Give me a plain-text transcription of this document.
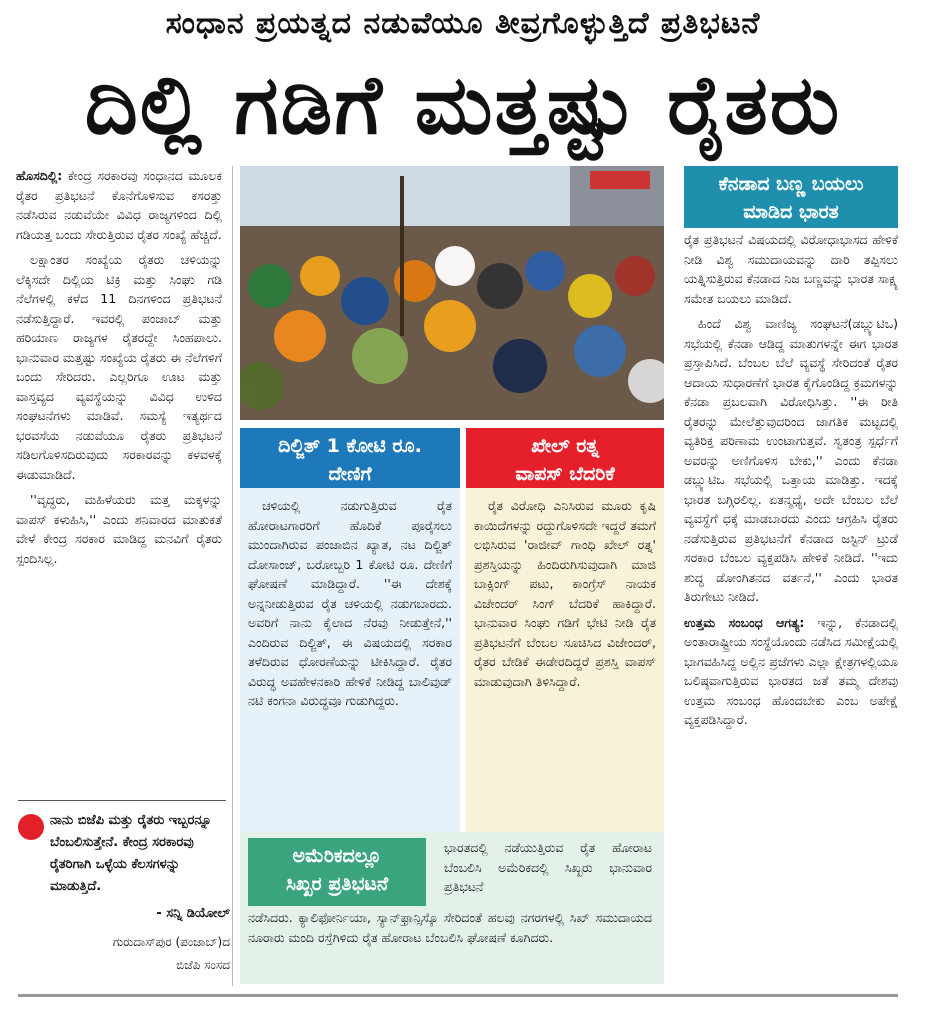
ಸಂಧಾನ ಪ್ರಯತ್ನದ ನಡುವೆಯೂ ತೀವ್ರಗೊಳ್ಳುತ್ತಿದೆ ಪ್ರತಿಭಟನೆ
ದಿಲ್ಲಿ ಗಡಿಗೆ ಮತ್ತಷ್ಟು ರೈತರು

ಹೊಸದಿಲ್ಲಿ: ಕೇಂದ್ರ ಸರಕಾರವು ಸಂಧಾನದ ಮೂಲಕ ರೈತರ ಪ್ರತಿಭಟನೆ ಕೊನೆಗೊಳಿಸುವ ಕಸರತ್ತು ನಡೆಸಿರುವ ನಡುವೆಯೇ ವಿವಿಧ ರಾಜ್ಯಗಳಿಂದ ದಿಲ್ಲಿ ಗಡಿಯತ್ತ ಬಂದು ಸೇರುತ್ತಿರುವ ರೈತರ ಸಂಖ್ಯೆ ಹೆಚ್ಚಿದೆ.

ಲಕ್ಷಾಂತರ ಸಂಖ್ಯೆಯ ರೈತರು ಚಳಿಯನ್ನು ಲೆಕ್ಕಿಸದೇ ದಿಲ್ಲಿಯ ಟಿಕ್ರಿ ಮತ್ತು ಸಿಂಘು ಗಡಿ ನೆಲೆಗಳಲ್ಲಿ ಕಳೆದ 11 ದಿನಗಳಿಂದ ಪ್ರತಿಭಟನೆ ನಡೆಸುತ್ತಿದ್ದಾರೆ. ಇವರಲ್ಲಿ ಪಂಜಾಬ್ ಮತ್ತು ಹರಿಯಾಣ ರಾಜ್ಯಗಳ ರೈತರದ್ದೇ ಸಿಂಹಪಾಲು. ಭಾನುವಾರ ಮತ್ತಷ್ಟು ಸಂಖ್ಯೆಯ ರೈತರು ಈ ನೆಲೆಗಳಿಗೆ ಬಂದು ಸೇರಿದರು. ಎಲ್ಲರಿಗೂ ಊಟ ಮತ್ತು ವಾಸ್ತವ್ಯದ ವ್ಯವಸ್ಥೆಯನ್ನು ವಿವಿಧ ಉಳಿದ ಸಂಘಟನೆಗಳು ಮಾಡಿವೆ. ಸಮಸ್ಯೆ ಇತ್ಯರ್ಥದ ಭರವಸೆಯ ನಡುವೆಯೂ ರೈತರು ಪ್ರತಿಭಟನೆ ಸಡಿಲಗೊಳಿಸದಿರುವುದು ಸರಕಾರವನ್ನು ಕಳವಳಕ್ಕೆ ಈಡುಮಾಡಿದೆ.

''ವೃದ್ಧರು, ಮಹಿಳೆಯರು ಮತ್ತ ಮಕ್ಕಳನ್ನು ವಾಪಸ್ ಕಳುಹಿಸಿ,'' ಎಂದು ಶನಿವಾರದ ಮಾತುಕತೆ ವೇಳೆ ಕೇಂದ್ರ ಸರಕಾರ ಮಾಡಿದ್ದ ಮನವಿಗೆ ರೈತರು ಸ್ಪಂದಿಸಿಲ್ಲ.

ನಾನು ಬಿಜೆಪಿ ಮತ್ತು ರೈತರು ಇಬ್ಬರನ್ನೂ ಬೆಂಬಲಿಸುತ್ತೇನೆ. ಕೇಂದ್ರ ಸರಕಾರವು ರೈತರಿಗಾಗಿ ಒಳ್ಳೆಯ ಕೆಲಸಗಳನ್ನು ಮಾಡುತ್ತಿದೆ.
- ಸನ್ನಿ ಡಿಯೋಲ್
ಗುರುದಾಸ್‌ಪುರ (ಪಂಜಾಬ್)ದ
ಬಿಜೆಪಿ ಸಂಸದ
ದಿಲ್ಜಿತ್ 1 ಕೋಟಿ ರೂ.
ದೇಣಿಗೆ

ಚಳಿಯಲ್ಲಿ ನಡುಗುತ್ತಿರುವ ರೈತ ಹೋರಾಟಗಾರರಿಗೆ ಹೊದಿಕೆ ಪೂರೈಸಲು ಮುಂದಾಗಿರುವ ಪಂಜಾಬಿನ ಖ್ಯಾತ, ನಟ ದಿಲ್ಜಿತ್ ದೋಸಾಂಜ್, ಬರೋಬ್ಬರಿ 1 ಕೋಟಿ ರೂ. ದೇಣಿಗೆ ಘೋಷಣೆ ಮಾಡಿದ್ದಾರೆ. ''ಈ ದೇಶಕ್ಕೆ ಅನ್ನನೀಡುತ್ತಿರುವ ರೈತ ಚಳಿಯಲ್ಲಿ ನಡುಗಬಾರದು. ಅವರಿಗೆ ನಾನು ಕೈಲಾದ ನೆರವು ನೀಡುತ್ತೇನೆ,'' ಎಂದಿರುವ ದಿಲ್ಜಿತ್, ಈ ವಿಷಯದಲ್ಲಿ ಸರಕಾರ ತಳೆದಿರುವ ಧೋರಣೆಯನ್ನು ಟೀಕಿಸಿದ್ದಾರೆ. ರೈತರ ವಿರುದ್ಧ ಅವಹೇಳನಕಾರಿ ಹೇಳಿಕೆ ನೀಡಿದ್ದ ಬಾಲಿವುಡ್ ನಟಿ ಕಂಗನಾ ವಿರುದ್ಧವೂ ಗುಡುಗಿದ್ದರು.

ಖೇಲ್ ರತ್ನ
ವಾಪಸ್ ಬೆದರಿಕೆ

ರೈತ ವಿರೋಧಿ ಎನಿಸಿರುವ ಮೂರು ಕೃಷಿ ಕಾಯಿದೆಗಳನ್ನು ರದ್ದುಗೊಳಿಸದೇ ಇದ್ದರೆ ತಮಗೆ ಲಭಿಸಿರುವ 'ರಾಜೀವ್ ಗಾಂಧಿ ಖೇಲ್ ರತ್ನ' ಪ್ರಶಸ್ತಿಯನ್ನು ಹಿಂದಿರುಗಿಸುವುದಾಗಿ ಮಾಜಿ ಬಾಕ್ಸಿಂಗ್ ಪಟು, ಕಾಂಗ್ರೆಸ್ ನಾಯಕ ವಿಜೇಂದರ್ ಸಿಂಗ್ ಬೆದರಿಕೆ ಹಾಕಿದ್ದಾರೆ. ಭಾನುವಾರ ಸಿಂಘು ಗಡಿಗೆ ಭೇಟಿ ನೀಡಿ ರೈತ ಪ್ರತಿಭಟನೆಗೆ ಬೆಂಬಲ ಸೂಚಿಸಿದ ವಿಜೇಂದರ್, ರೈತರ ಬೇಡಿಕೆ ಈಡೇರದಿದ್ದರೆ ಪ್ರಶಸ್ತಿ ವಾಪಸ್ ಮಾಡುವುದಾಗಿ ತಿಳಿಸಿದ್ದಾರೆ.

ಅಮೆರಿಕದಲ್ಲೂ
ಸಿಖ್ಖರ ಪ್ರತಿಭಟನೆ
ಭಾರತದಲ್ಲಿ ನಡೆಯುತ್ತಿರುವ ರೈತ ಹೋರಾಟ ಬೆಂಬಲಿಸಿ ಅಮೆರಿಕದಲ್ಲಿ ಸಿಖ್ಖರು ಭಾನುವಾರ ಪ್ರತಿಭಟನೆ
ನಡೆಸಿದರು. ಕ್ಯಾಲಿಫೋರ್ನಿಯಾ, ಸ್ಯಾನ್‌ಫ್ರಾನ್ಸಿಸ್ಕೊ ಸೇರಿದಂತೆ ಹಲವು ನಗರಗಳಲ್ಲಿ ಸಿಖ್ ಸಮುದಾಯದ ನೂರಾರು ಮಂದಿ ರಸ್ತೆಗಿಳಿದು ರೈತ ಹೋರಾಟ ಬೆಂಬಲಿಸಿ ಘೋಷಣೆ ಕೂಗಿದರು.
ಕೆನಡಾದ ಬಣ್ಣ ಬಯಲು
ಮಾಡಿದ ಭಾರತ

ರೈತ ಪ್ರತಿಭಟನೆ ವಿಷಯದಲ್ಲಿ ವಿರೋಧಾಭಾಸದ ಹೇಳಿಕೆ ನೀಡಿ ವಿಶ್ವ ಸಮುದಾಯವನ್ನು ದಾರಿ ತಪ್ಪಿಸಲು ಯತ್ನಿಸುತ್ತಿರುವ ಕೆನಡಾದ ನಿಜ ಬಣ್ಣವನ್ನು ಭಾರತ ಸಾಕ್ಷ್ಯ ಸಮೇತ ಬಯಲು ಮಾಡಿದೆ.

ಹಿಂದೆ ವಿಶ್ವ ವಾಣಿಜ್ಯ ಸಂಘಟನೆ(ಡಬ್ಲ್ಯುಟಿಒ) ಸಭೆಯಲ್ಲಿ ಕೆನಡಾ ಆಡಿದ್ದ ಮಾತುಗಳನ್ನೇ ಈಗ ಭಾರತ ಪ್ರಸ್ತಾಪಿಸಿದೆ. ಬೆಂಬಲ ಬೆಲೆ ವ್ಯವಸ್ಥೆ ಸೇರಿದಂತೆ ರೈತರ ಆದಾಯ ಸುಧಾರಣೆಗೆ ಭಾರತ ಕೈಗೊಂಡಿದ್ದ ಕ್ರಮಗಳನ್ನು ಕೆನಡಾ ಪ್ರಬಲವಾಗಿ ವಿರೋಧಿಸಿತ್ತು. ''ಈ ರೀತಿ ರೈತರನ್ನು ಮೇಲೆತ್ತುವುದರಿಂದ ಜಾಗತಿಕ ಮಟ್ಟದಲ್ಲಿ ವ್ಯತಿರಿಕ್ತ ಪರಿಣಾಮ ಉಂಟಾಗುತ್ತವೆ. ಸ್ವತಂತ್ರ ಸ್ಪರ್ಧೆಗೆ ಅವರನ್ನು ಅಣಿಗೊಳಿಸ ಬೇಕು,'' ಎಂದು ಕೆನಡಾ ಡಬ್ಲ್ಯುಟಿಒ ಸಭೆಯಲ್ಲಿ ಒತ್ತಾಯ ಮಾಡಿತ್ತು. ಇದಕ್ಕೆ ಭಾರತ ಬಗ್ಗಿರಲಿಲ್ಲ. ಏತನ್ಮಧ್ಯೆ, ಅದೇ ಬೆಂಬಲ ಬೆಲೆ ವ್ಯವಸ್ಥೆಗೆ ಧಕ್ಕೆ ಮಾಡಬಾರದು ಎಂದು ಆಗ್ರಹಿಸಿ ರೈತರು ನಡೆಸುತ್ತಿರುವ ಪ್ರತಿಭಟನೆಗೆ ಕೆನಡಾದ ಜಸ್ಟಿನ್ ಟ್ರುಡೆ ಸರಕಾರ ಬೆಂಬಲ ವ್ಯಕ್ತಪಡಿಸಿ ಹೇಳಿಕೆ ನೀಡಿದೆ. ''ಇದು ಶುದ್ಧ ಡೋಂಗಿತನದ ವರ್ತನೆ,'' ಎಂದು ಭಾರತ ತಿರುಗೇಟು ನೀಡಿದೆ.

ಉತ್ತಮ ಸಂಬಂಧ ಆಗತ್ಯ: ಇನ್ನು, ಕೆನಡಾದಲ್ಲಿ ಅಂತಾರಾಷ್ಟ್ರೀಯ ಸಂಸ್ಥೆಯೊಂದು ನಡೆಸಿದ ಸಮೀಕ್ಷೆಯಲ್ಲಿ ಭಾಗವಹಿಸಿದ್ದ ಅಲ್ಲಿನ ಪ್ರಜೆಗಳು ಎಲ್ಲಾ ಕ್ಷೇತ್ರಗಳಲ್ಲಿಯೂ ಬಲಿಷ್ಠವಾಗುತ್ತಿರುವ ಭಾರತದ ಜತೆ ತಮ್ಮ ದೇಶವು ಉತ್ತಮ ಸಂಬಂಧ ಹೊಂದಬೇಕು ಎಂಬ ಅಪೇಕ್ಷೆ ವ್ಯಕ್ತಪಡಿಸಿದ್ದಾರೆ.
